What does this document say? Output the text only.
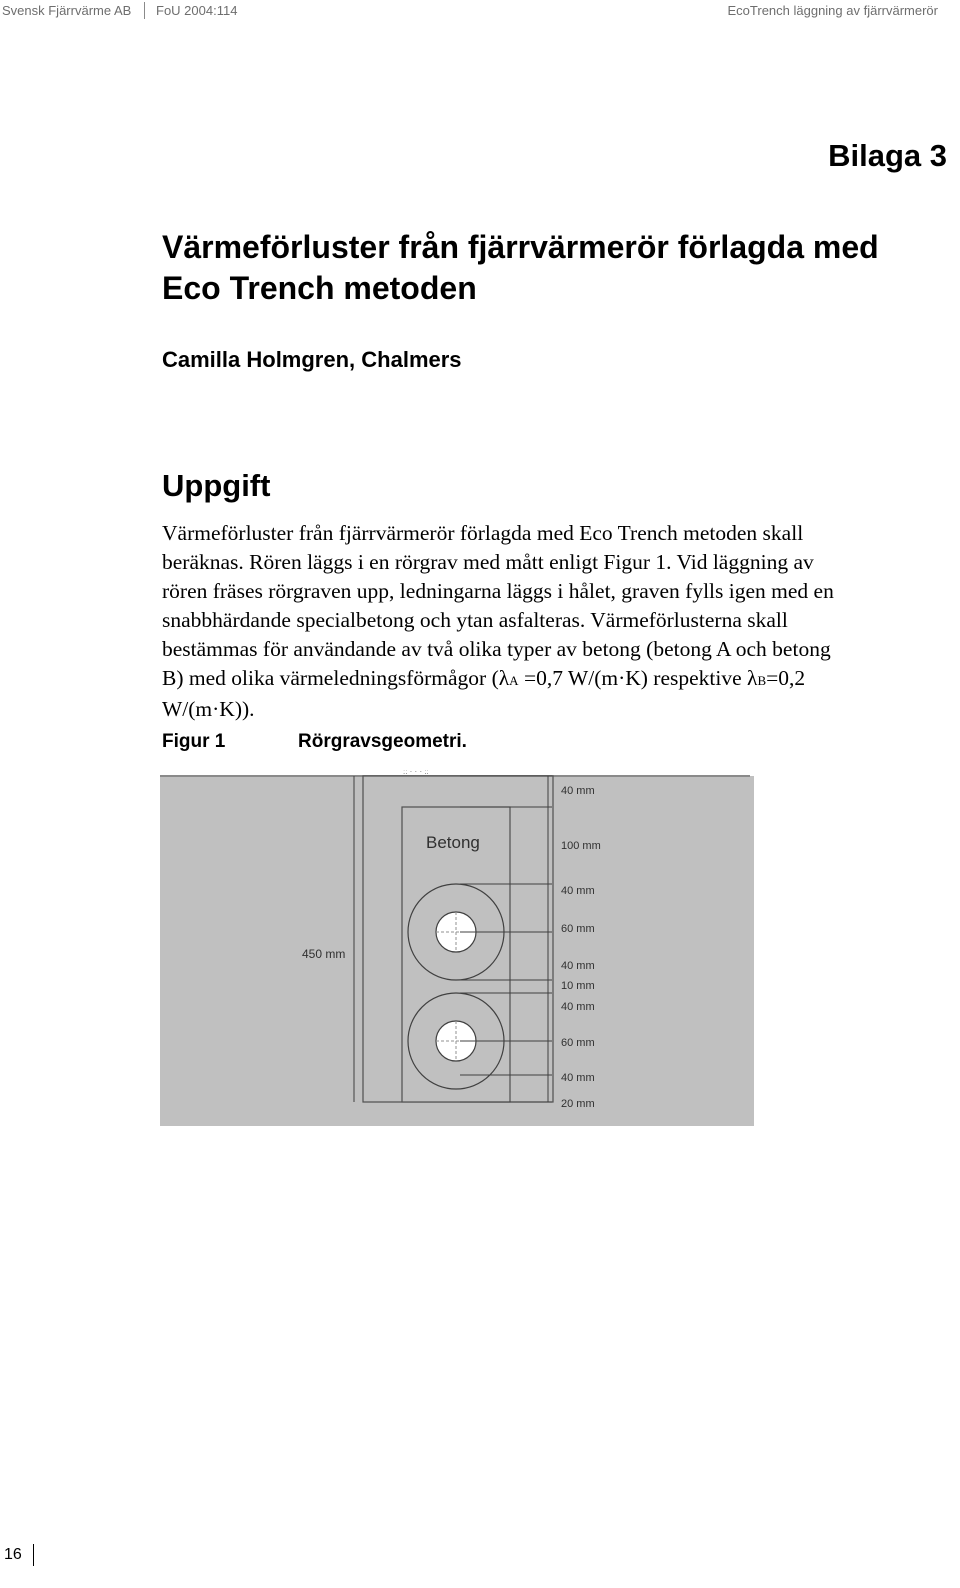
Svensk Fjärrvärme AB FoU 2004:114	EcoTrench läggning av fjärrvärmerör
Bilaga 3
Värmeförluster från fjärrvärmerör förlagda med
Eco Trench metoden

Camilla Holmgren, Chalmers

Uppgift

Värmeförluster från fjärrvärmerör förlagda med Eco Trench metoden skall
beräknas. Rören läggs i en rörgrav med mått enligt Figur 1. Vid läggning av
rören fräses rörgraven upp, ledningarna läggs i hålet, graven fylls igen med en
snabbhärdande specialbetong och ytan asfalteras. Värmeförlusterna skall
bestämmas för användande av två olika typer av betong (betong A och betong
B) med olika värmeledningsförmågor (λA =0,7 W/(m·K) respektive λB=0,2
W/(m·K)).

Figur 1	Rörgravsgeometri.
Betong
450 mm
40 mm
100 mm
40 mm
60 mm
40 mm
10 mm
40 mm
60 mm
40 mm
20 mm
:: · · · ::
16
